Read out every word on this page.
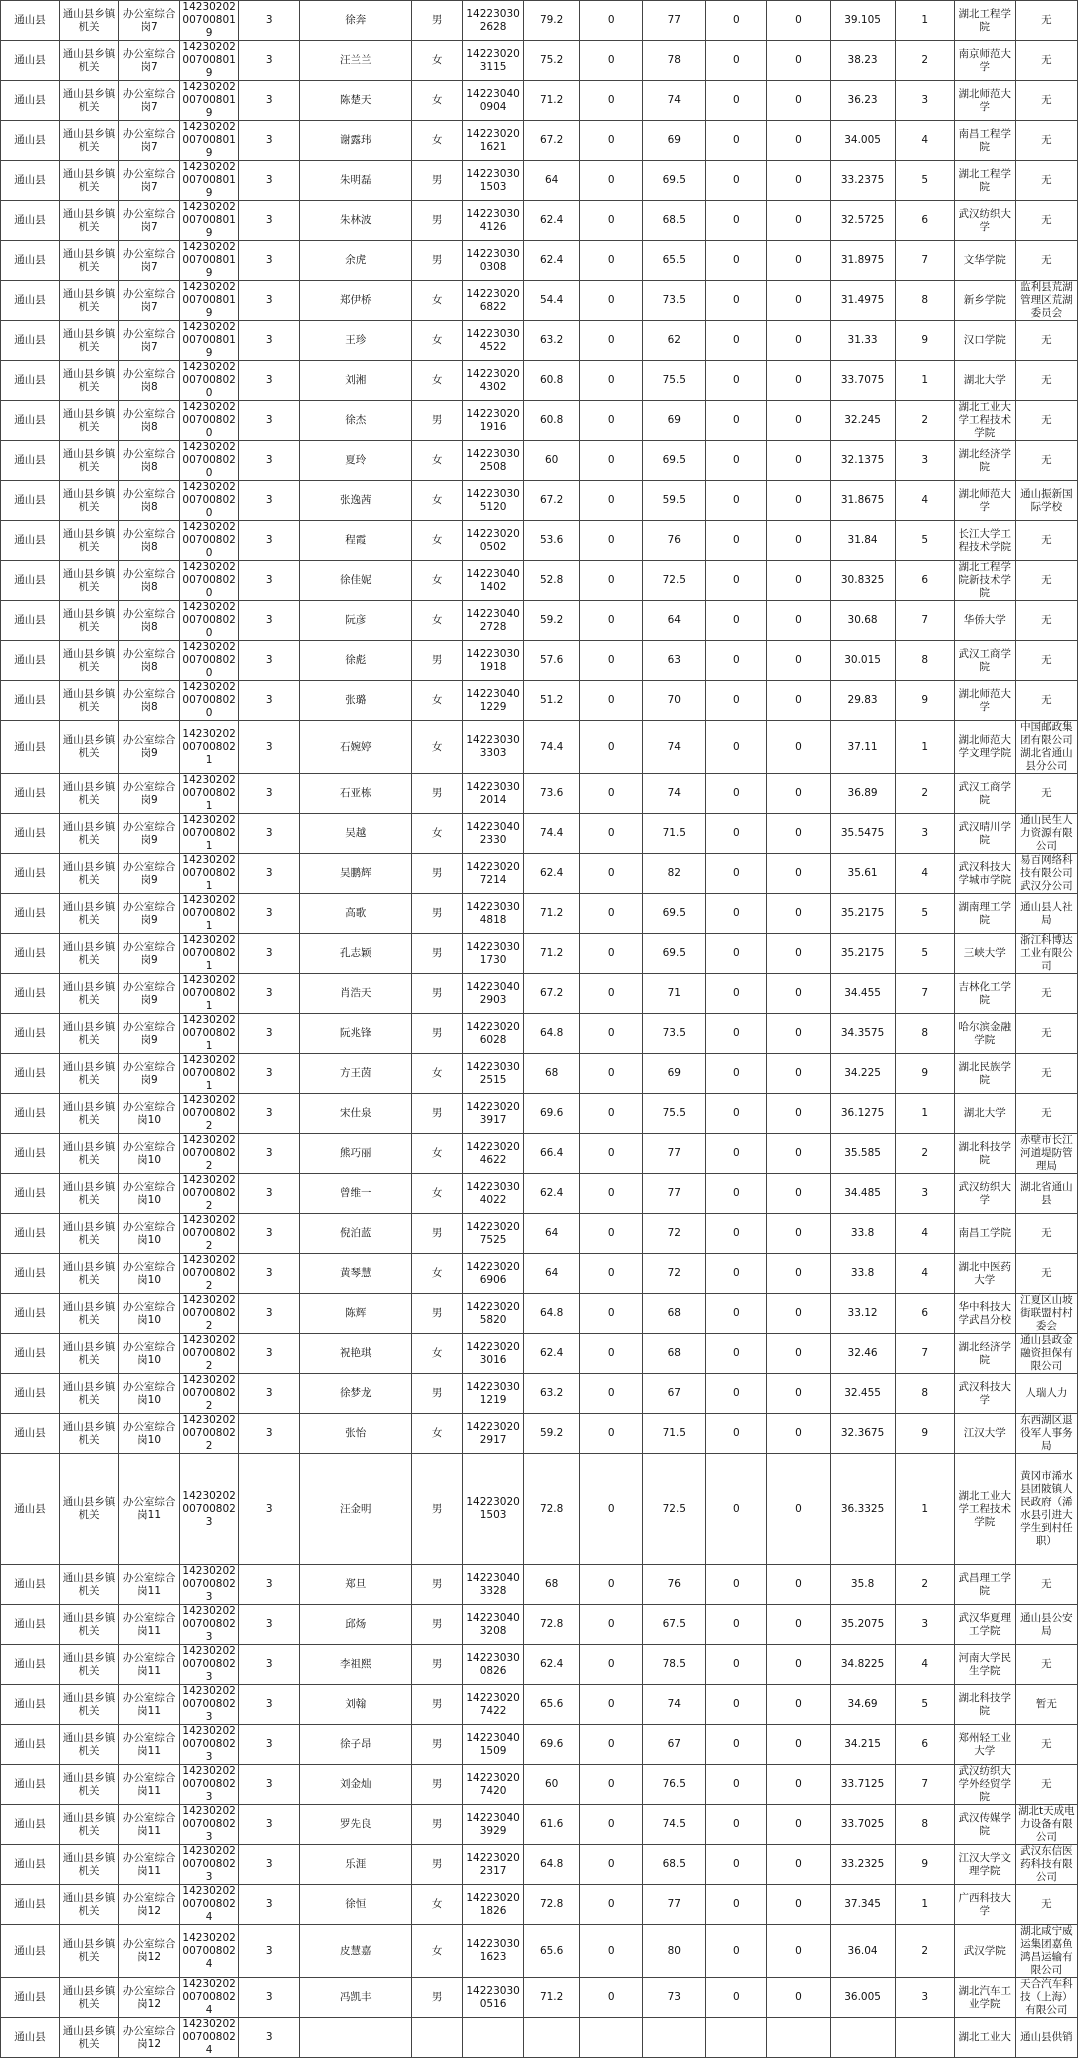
通山县	通山县乡镇机关	办公室综合岗7	14230202007008019	3	徐奔	男	142230302628	79.2	0	77	0	0	39.105	1	湖北工程学院	无
通山县	通山县乡镇机关	办公室综合岗7	14230202007008019	3	汪兰兰	女	142230203115	75.2	0	78	0	0	38.23	2	南京师范大学	无
通山县	通山县乡镇机关	办公室综合岗7	14230202007008019	3	陈楚天	女	142230400904	71.2	0	74	0	0	36.23	3	湖北师范大学	无
通山县	通山县乡镇机关	办公室综合岗7	14230202007008019	3	谢露玮	女	142230201621	67.2	0	69	0	0	34.005	4	南昌工程学院	无
通山县	通山县乡镇机关	办公室综合岗7	14230202007008019	3	朱明磊	男	142230301503	64	0	69.5	0	0	33.2375	5	湖北工程学院	无
通山县	通山县乡镇机关	办公室综合岗7	14230202007008019	3	朱林波	男	142230304126	62.4	0	68.5	0	0	32.5725	6	武汉纺织大学	无
通山县	通山县乡镇机关	办公室综合岗7	14230202007008019	3	余虎	男	142230300308	62.4	0	65.5	0	0	31.8975	7	文华学院	无
通山县	通山县乡镇机关	办公室综合岗7	14230202007008019	3	郑伊桥	女	142230206822	54.4	0	73.5	0	0	31.4975	8	新乡学院	监利县荒湖管理区荒湖委员会
通山县	通山县乡镇机关	办公室综合岗7	14230202007008019	3	王珍	女	142230304522	63.2	0	62	0	0	31.33	9	汉口学院	无
通山县	通山县乡镇机关	办公室综合岗8	14230202007008020	3	刘湘	女	142230204302	60.8	0	75.5	0	0	33.7075	1	湖北大学	无
通山县	通山县乡镇机关	办公室综合岗8	14230202007008020	3	徐杰	男	142230201916	60.8	0	69	0	0	32.245	2	湖北工业大学工程技术学院	无
通山县	通山县乡镇机关	办公室综合岗8	14230202007008020	3	夏玲	女	142230302508	60	0	69.5	0	0	32.1375	3	湖北经济学院	无
通山县	通山县乡镇机关	办公室综合岗8	14230202007008020	3	张逸茜	女	142230305120	67.2	0	59.5	0	0	31.8675	4	湖北师范大学	通山振新国际学校
通山县	通山县乡镇机关	办公室综合岗8	14230202007008020	3	程霞	女	142230200502	53.6	0	76	0	0	31.84	5	长江大学工程技术学院	无
通山县	通山县乡镇机关	办公室综合岗8	14230202007008020	3	徐佳妮	女	142230401402	52.8	0	72.5	0	0	30.8325	6	湖北工程学院新技术学院	无
通山县	通山县乡镇机关	办公室综合岗8	14230202007008020	3	阮彦	女	142230402728	59.2	0	64	0	0	30.68	7	华侨大学	无
通山县	通山县乡镇机关	办公室综合岗8	14230202007008020	3	徐彪	男	142230301918	57.6	0	63	0	0	30.015	8	武汉工商学院	无
通山县	通山县乡镇机关	办公室综合岗8	14230202007008020	3	张璐	女	142230401229	51.2	0	70	0	0	29.83	9	湖北师范大学	无
通山县	通山县乡镇机关	办公室综合岗9	14230202007008021	3	石婉婷	女	142230303303	74.4	0	74	0	0	37.11	1	湖北师范大学文理学院	中国邮政集团有限公司湖北省通山县分公司
通山县	通山县乡镇机关	办公室综合岗9	14230202007008021	3	石亚栋	男	142230302014	73.6	0	74	0	0	36.89	2	武汉工商学院	无
通山县	通山县乡镇机关	办公室综合岗9	14230202007008021	3	吴越	女	142230402330	74.4	0	71.5	0	0	35.5475	3	武汉晴川学院	通山民生人力资源有限公司
通山县	通山县乡镇机关	办公室综合岗9	14230202007008021	3	吴鹏辉	男	142230207214	62.4	0	82	0	0	35.61	4	武汉科技大学城市学院	易百网络科技有限公司武汉分公司
通山县	通山县乡镇机关	办公室综合岗9	14230202007008021	3	高歌	男	142230304818	71.2	0	69.5	0	0	35.2175	5	湖南理工学院	通山县人社局
通山县	通山县乡镇机关	办公室综合岗9	14230202007008021	3	孔志颖	男	142230301730	71.2	0	69.5	0	0	35.2175	5	三峡大学	浙江科博达工业有限公司
通山县	通山县乡镇机关	办公室综合岗9	14230202007008021	3	肖浩天	男	142230402903	67.2	0	71	0	0	34.455	7	吉林化工学院	无
通山县	通山县乡镇机关	办公室综合岗9	14230202007008021	3	阮兆锋	男	142230206028	64.8	0	73.5	0	0	34.3575	8	哈尔滨金融学院	无
通山县	通山县乡镇机关	办公室综合岗9	14230202007008021	3	方王茵	女	142230302515	68	0	69	0	0	34.225	9	湖北民族学院	无
通山县	通山县乡镇机关	办公室综合岗10	14230202007008022	3	宋仕泉	男	142230203917	69.6	0	75.5	0	0	36.1275	1	湖北大学	无
通山县	通山县乡镇机关	办公室综合岗10	14230202007008022	3	熊巧丽	女	142230204622	66.4	0	77	0	0	35.585	2	湖北科技学院	赤壁市长江河道堤防管理局
通山县	通山县乡镇机关	办公室综合岗10	14230202007008022	3	曾维一	女	142230304022	62.4	0	77	0	0	34.485	3	武汉纺织大学	湖北省通山县
通山县	通山县乡镇机关	办公室综合岗10	14230202007008022	3	倪泊蓝	男	142230207525	64	0	72	0	0	33.8	4	南昌工学院	无
通山县	通山县乡镇机关	办公室综合岗10	14230202007008022	3	黄琴慧	女	142230206906	64	0	72	0	0	33.8	4	湖北中医药大学	无
通山县	通山县乡镇机关	办公室综合岗10	14230202007008022	3	陈辉	男	142230205820	64.8	0	68	0	0	33.12	6	华中科技大学武昌分校	江夏区山坡街联盟村村委会
通山县	通山县乡镇机关	办公室综合岗10	14230202007008022	3	祝艳琪	女	142230203016	62.4	0	68	0	0	32.46	7	湖北经济学院	通山县政金融资担保有限公司
通山县	通山县乡镇机关	办公室综合岗10	14230202007008022	3	徐梦龙	男	142230301219	63.2	0	67	0	0	32.455	8	武汉科技大学	人瑞人力
通山县	通山县乡镇机关	办公室综合岗10	14230202007008022	3	张怡	女	142230202917	59.2	0	71.5	0	0	32.3675	9	江汉大学	东西湖区退役军人事务局
通山县	通山县乡镇机关	办公室综合岗11	14230202007008023	3	汪金明	男	142230201503	72.8	0	72.5	0	0	36.3325	1	湖北工业大学工程技术学院	黄冈市浠水县团陂镇人民政府（浠水县引进大学生到村任职）
通山县	通山县乡镇机关	办公室综合岗11	14230202007008023	3	郑旦	男	142230403328	68	0	76	0	0	35.8	2	武昌理工学院	无
通山县	通山县乡镇机关	办公室综合岗11	14230202007008023	3	邱炀	男	142230403208	72.8	0	67.5	0	0	35.2075	3	武汉华夏理工学院	通山县公安局
通山县	通山县乡镇机关	办公室综合岗11	14230202007008023	3	李祖熙	男	142230300826	62.4	0	78.5	0	0	34.8225	4	河南大学民生学院	无
通山县	通山县乡镇机关	办公室综合岗11	14230202007008023	3	刘翰	男	142230207422	65.6	0	74	0	0	34.69	5	湖北科技学院	暂无
通山县	通山县乡镇机关	办公室综合岗11	14230202007008023	3	徐子昂	男	142230401509	69.6	0	67	0	0	34.215	6	郑州轻工业大学	无
通山县	通山县乡镇机关	办公室综合岗11	14230202007008023	3	刘金灿	男	142230207420	60	0	76.5	0	0	33.7125	7	武汉纺织大学外经贸学院	无
通山县	通山县乡镇机关	办公室综合岗11	14230202007008023	3	罗先良	男	142230403929	61.6	0	74.5	0	0	33.7025	8	武汉传媒学院	湖北t天成电力设备有限公司
通山县	通山县乡镇机关	办公室综合岗11	14230202007008023	3	乐涯	男	142230202317	64.8	0	68.5	0	0	33.2325	9	江汉大学文理学院	武汉东信医药科技有限公司
通山县	通山县乡镇机关	办公室综合岗12	14230202007008024	3	徐恒	女	142230201826	72.8	0	77	0	0	37.345	1	广西科技大学	无
通山县	通山县乡镇机关	办公室综合岗12	14230202007008024	3	皮慧嘉	女	142230301623	65.6	0	80	0	0	36.04	2	武汉学院	湖北咸宁威运集团嘉鱼鸿昌运输有限公司
通山县	通山县乡镇机关	办公室综合岗12	14230202007008024	3	冯凯丰	男	142230300516	71.2	0	73	0	0	36.005	3	湖北汽车工业学院	天合汽车科技（上海）有限公司
通山县	通山县乡镇机关	办公室综合岗12	14230202007008024	3											湖北工业大	通山县供销
